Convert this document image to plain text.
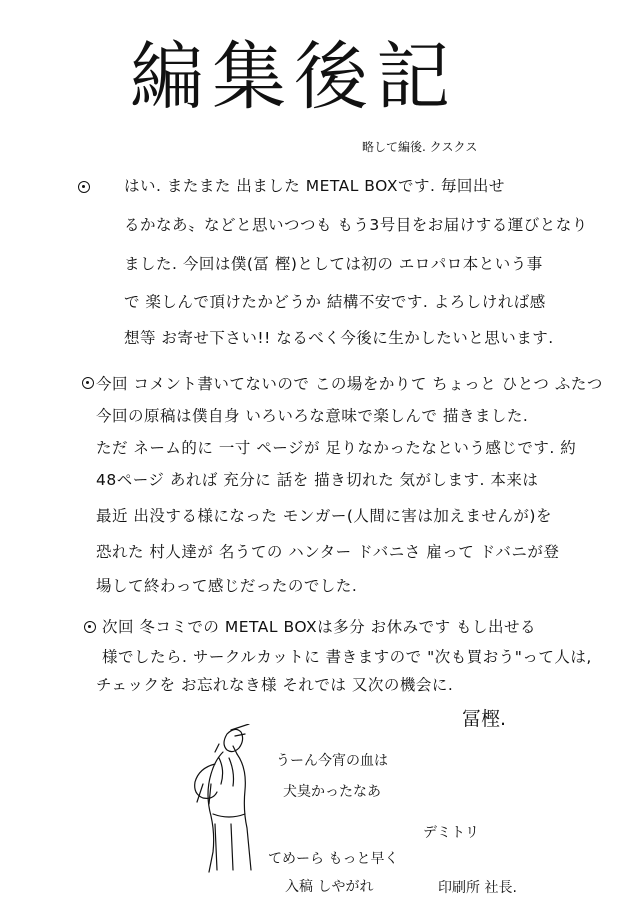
編集後記
略して編後. クスクス
はい. またまた 出ました METAL BOXです. 毎回出せ
るかなあ〟などと思いつつも もう3号目をお届けする運びとなり
ました. 今回は僕(冨 樫)としては初の エロパロ本という事
で 楽しんで頂けたかどうか 結構不安です. よろしければ感
想等 お寄せ下さい!! なるべく今後に生かしたいと思います.
今回 コメント書いてないので この場をかりて ちょっと ひとつ ふたつ
今回の原稿は僕自身 いろいろな意味で楽しんで 描きました.
ただ ネーム的に 一寸 ページが 足りなかったなという感じです. 約
48ページ あれば 充分に 話を 描き切れた 気がします. 本来は
最近 出没する様になった モンガー(人間に害は加えませんが)を
恐れた 村人達が 名うての ハンター ドバニさ 雇って ドバニが登
場して終わって感じだったのでした.
次回 冬コミでの METAL BOXは多分 お休みです もし出せる
様でしたら. サークルカットに 書きますので "次も買おう"って人は,
チェックを お忘れなき様 それでは 又次の機会に.
冨樫.
うーん今宵の血は
犬臭かったなあ
デミトリ
てめーら もっと早く
入稿 しやがれ	印刷所 社長.
